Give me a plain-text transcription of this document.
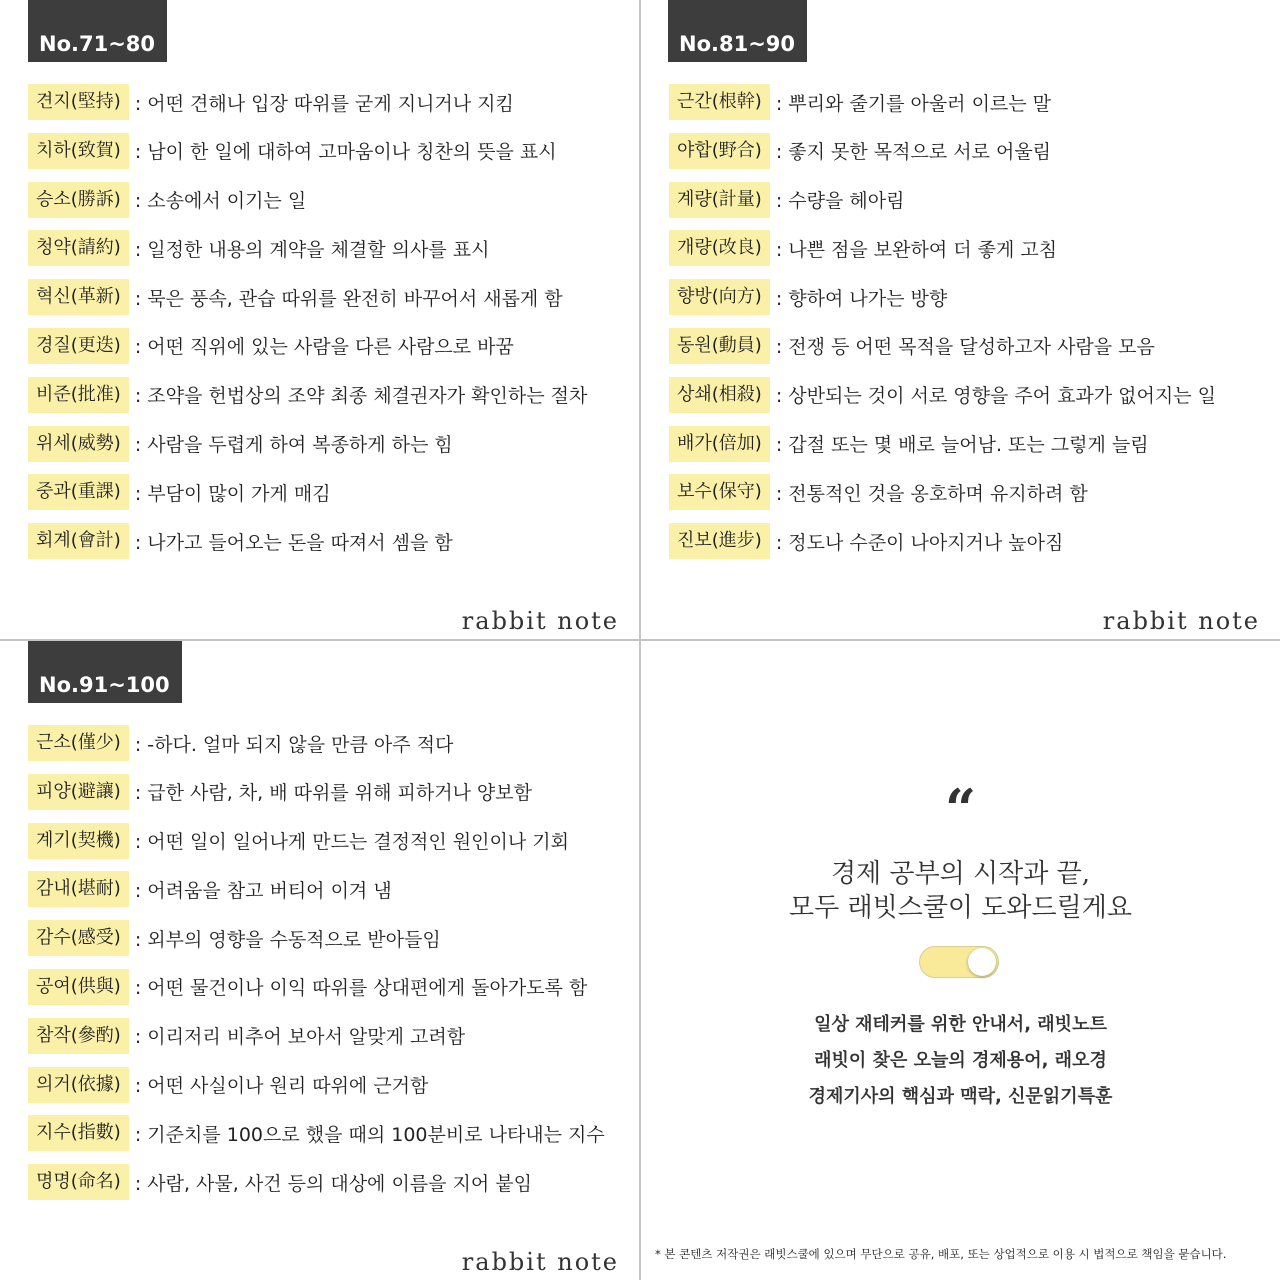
No.71~80
견지(堅持) : 어떤 견해나 입장 따위를 굳게 지니거나 지킴
치하(致賀) : 남이 한 일에 대하여 고마움이나 칭찬의 뜻을 표시
승소(勝訴) : 소송에서 이기는 일
청약(請約) : 일정한 내용의 계약을 체결할 의사를 표시
혁신(革新) : 묵은 풍속, 관습 따위를 완전히 바꾸어서 새롭게 함
경질(更迭) : 어떤 직위에 있는 사람을 다른 사람으로 바꿈
비준(批准) : 조약을 헌법상의 조약 최종 체결권자가 확인하는 절차
위세(威勢) : 사람을 두렵게 하여 복종하게 하는 힘
중과(重課) : 부담이 많이 가게 매김
회계(會計) : 나가고 들어오는 돈을 따져서 셈을 함
rabbit note
No.81~90
근간(根幹) : 뿌리와 줄기를 아울러 이르는 말
야합(野合) : 좋지 못한 목적으로 서로 어울림
계량(計量) : 수량을 헤아림
개량(改良) : 나쁜 점을 보완하여 더 좋게 고침
향방(向方) : 향하여 나가는 방향
동원(動員) : 전쟁 등 어떤 목적을 달성하고자 사람을 모음
상쇄(相殺) : 상반되는 것이 서로 영향을 주어 효과가 없어지는 일
배가(倍加) : 갑절 또는 몇 배로 늘어남. 또는 그렇게 늘림
보수(保守) : 전통적인 것을 옹호하며 유지하려 함
진보(進步) : 정도나 수준이 나아지거나 높아짐
rabbit note
No.91~100
근소(僅少) : -하다. 얼마 되지 않을 만큼 아주 적다
피양(避讓) : 급한 사람, 차, 배 따위를 위해 피하거나 양보함
계기(契機) : 어떤 일이 일어나게 만드는 결정적인 원인이나 기회
감내(堪耐) : 어려움을 참고 버티어 이겨 냄
감수(感受) : 외부의 영향을 수동적으로 받아들임
공여(供與) : 어떤 물건이나 이익 따위를 상대편에게 돌아가도록 함
참작(參酌) : 이리저리 비추어 보아서 알맞게 고려함
의거(依據) : 어떤 사실이나 원리 따위에 근거함
지수(指數) : 기준치를 100으로 했을 때의 100분비로 나타내는 지수
명명(命名) : 사람, 사물, 사건 등의 대상에 이름을 지어 붙임
rabbit note
“
경제 공부의 시작과 끝,
모두 래빗스쿨이 도와드릴게요
일상 재테커를 위한 안내서, 래빗노트
래빗이 찾은 오늘의 경제용어, 래오경
경제기사의 핵심과 맥락, 신문읽기특훈
* 본 콘텐츠 저작권은 래빗스쿨에 있으며 무단으로 공유, 배포, 또는 상업적으로 이용 시 법적으로 책임을 묻습니다.
